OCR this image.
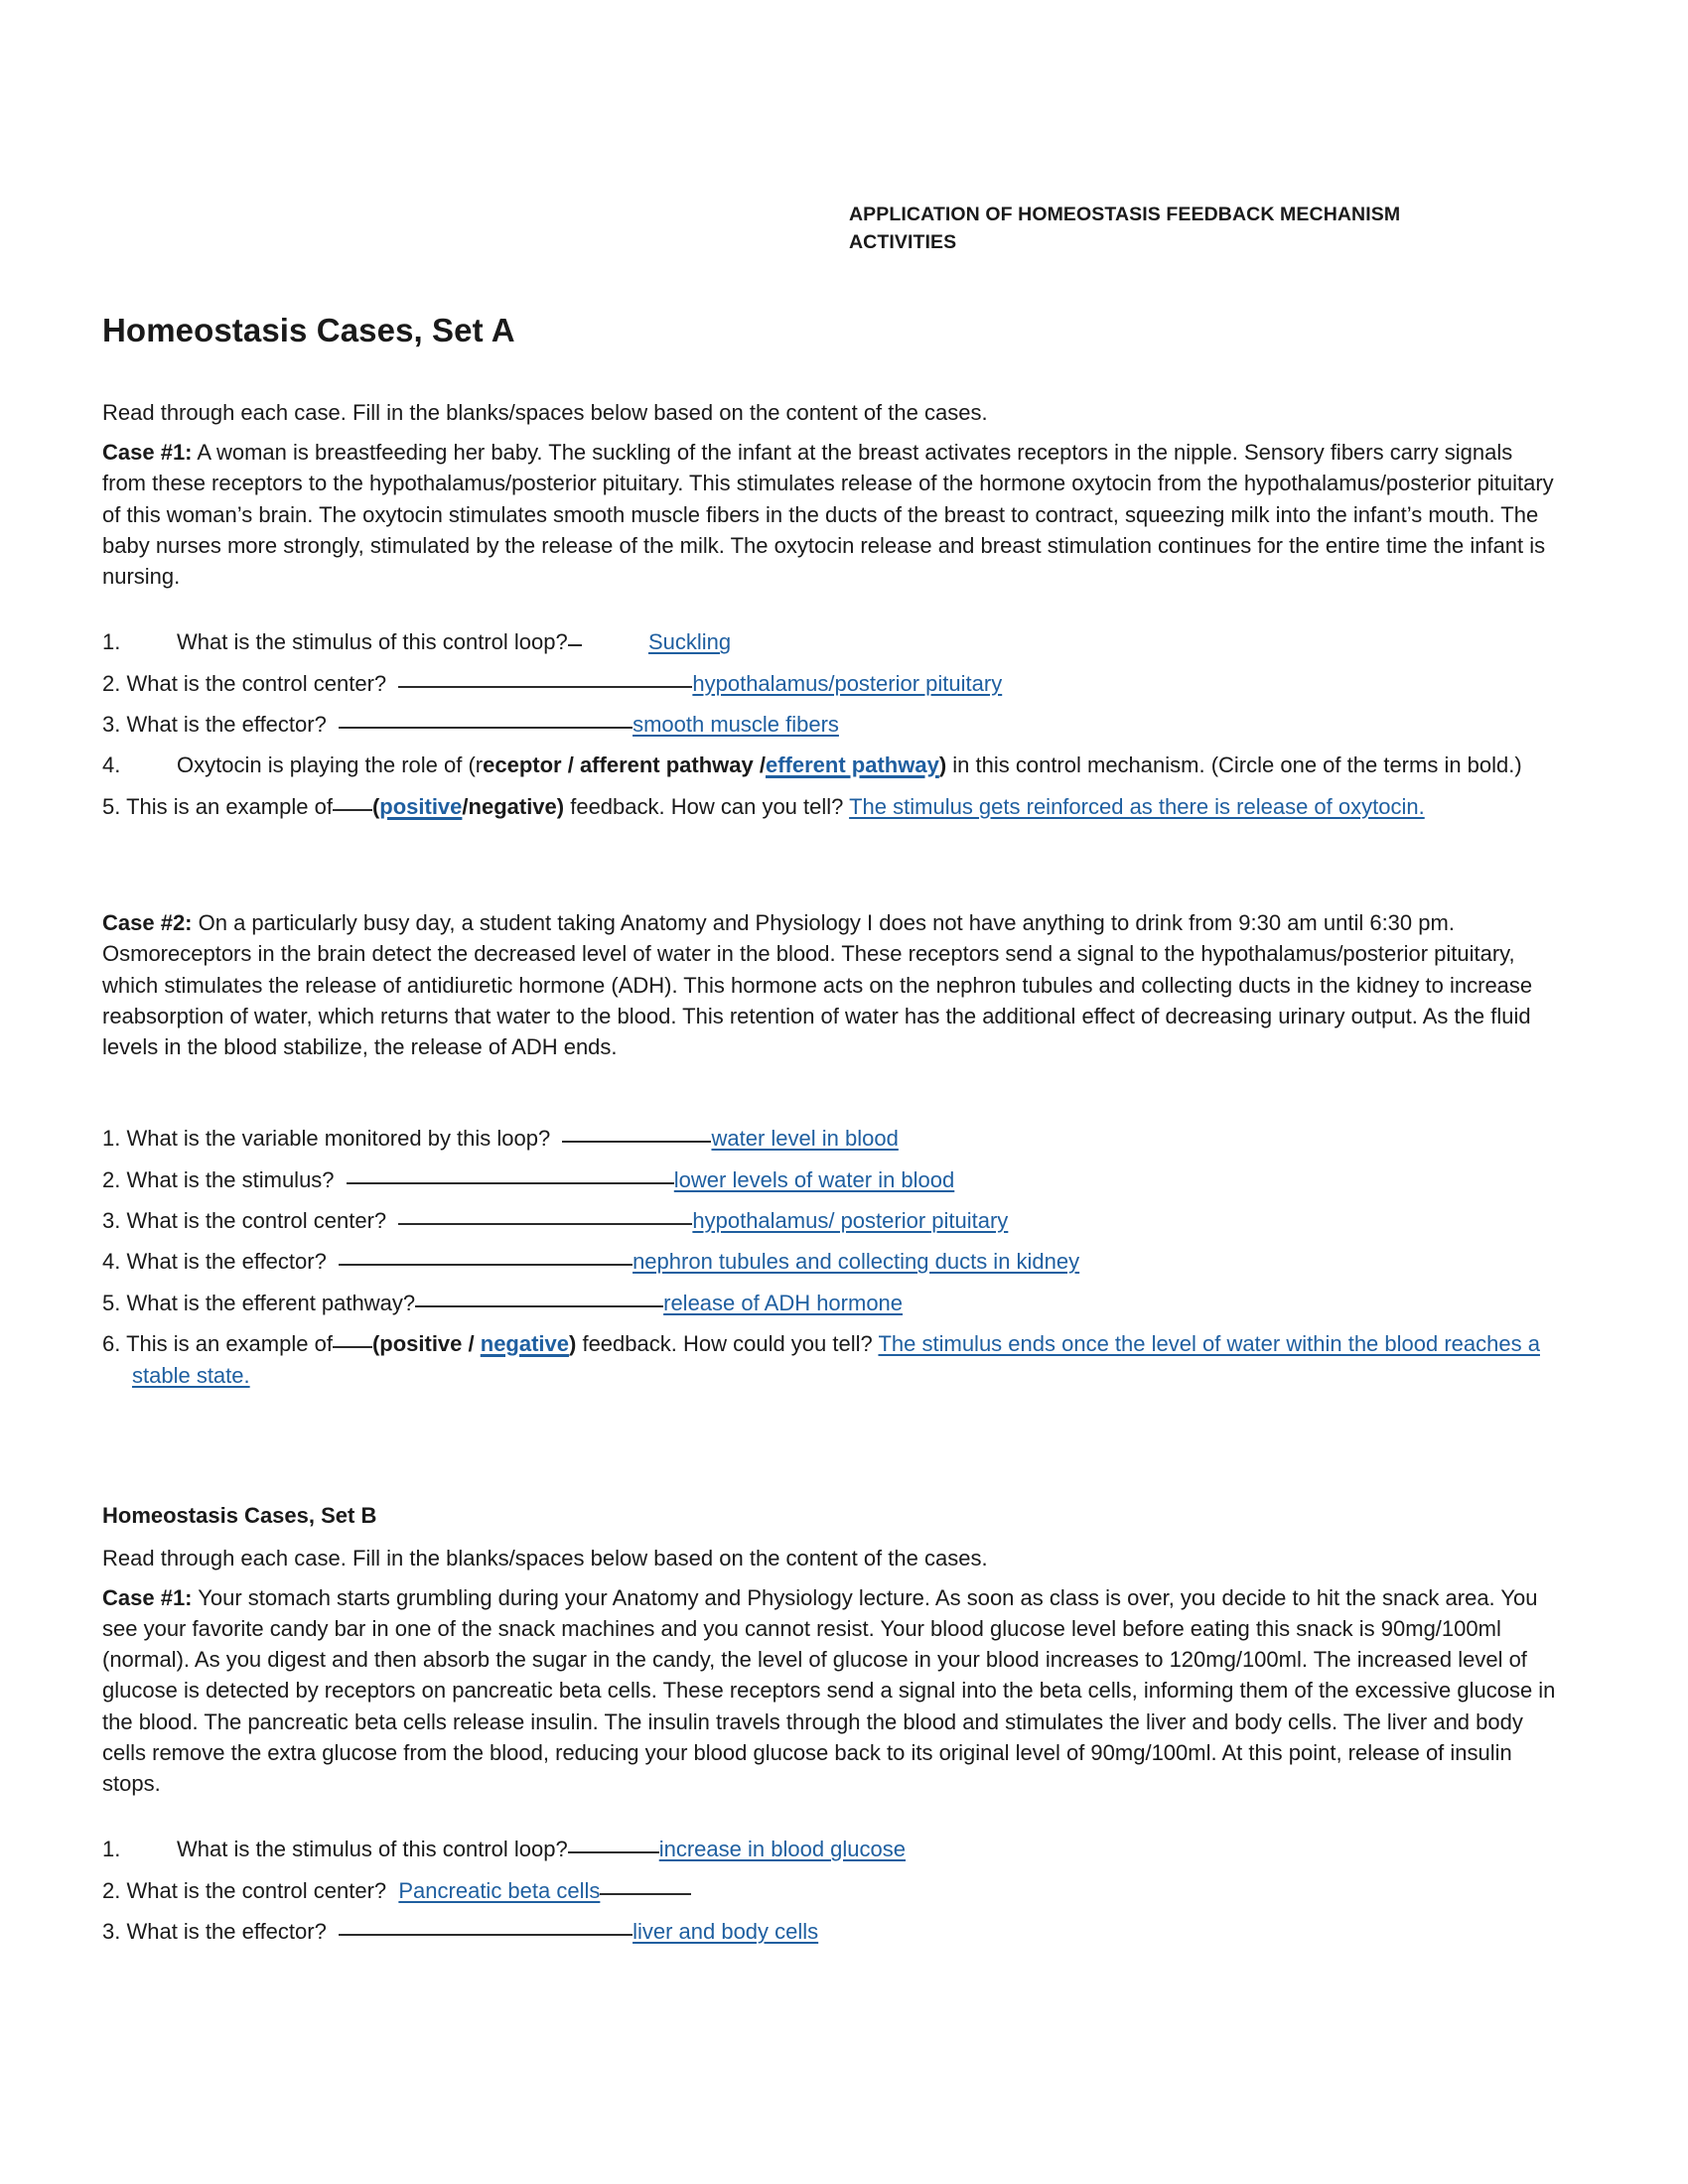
APPLICATION OF HOMEOSTASIS FEEDBACK MECHANISM
ACTIVITIES
Homeostasis Cases, Set A

Read through each case. Fill in the blanks/spaces below based on the content of the cases.

Case #1: A woman is breastfeeding her baby. The suckling of the infant at the breast activates receptors in the nipple. Sensory fibers carry signals from these receptors to the hypothalamus/posterior pituitary. This stimulates release of the hormone oxytocin from the hypothalamus/posterior pituitary of this woman’s brain. The oxytocin stimulates smooth muscle fibers in the ducts of the breast to contract, squeezing milk into the infant’s mouth. The baby nurses more strongly, stimulated by the release of the milk. The oxytocin release and breast stimulation continues for the entire time the infant is nursing.

1.	What is the stimulus of this control loop?	Suckling

2. What is the control center?	hypothalamus/posterior pituitary

3. What is the effector?	smooth muscle fibers

4.	Oxytocin is playing the role of (receptor / afferent pathway /efferent pathway) in this control mechanism. (Circle one of the terms in bold.)

5. This is an example of (positive/negative) feedback. How can you tell? The stimulus gets reinforced as there is release of oxytocin.

Case #2: On a particularly busy day, a student taking Anatomy and Physiology I does not have anything to drink from 9:30 am until 6:30 pm. Osmoreceptors in the brain detect the decreased level of water in the blood. These receptors send a signal to the hypothalamus/posterior pituitary, which stimulates the release of antidiuretic hormone (ADH). This hormone acts on the nephron tubules and collecting ducts in the kidney to increase reabsorption of water, which returns that water to the blood. This retention of water has the additional effect of decreasing urinary output. As the fluid levels in the blood stabilize, the release of ADH ends.

1. What is the variable monitored by this loop?	water level in blood

2. What is the stimulus?	lower levels of water in blood

3. What is the control center?	hypothalamus/ posterior pituitary

4. What is the effector?	nephron tubules and collecting ducts in kidney

5. What is the efferent pathway?	release of ADH hormone

6. This is an example of (positive / negative) feedback. How could you tell? The stimulus ends once the level of water within the blood reaches a stable state.

Homeostasis Cases, Set B

Read through each case. Fill in the blanks/spaces below based on the content of the cases.

Case #1: Your stomach starts grumbling during your Anatomy and Physiology lecture. As soon as class is over, you decide to hit the snack area. You see your favorite candy bar in one of the snack machines and you cannot resist. Your blood glucose level before eating this snack is 90mg/100ml (normal). As you digest and then absorb the sugar in the candy, the level of glucose in your blood increases to 120mg/100ml. The increased level of glucose is detected by receptors on pancreatic beta cells. These receptors send a signal into the beta cells, informing them of the excessive glucose in the blood. The pancreatic beta cells release insulin. The insulin travels through the blood and stimulates the liver and body cells. The liver and body cells remove the extra glucose from the blood, reducing your blood glucose back to its original level of 90mg/100ml. At this point, release of insulin stops.

1.	What is the stimulus of this control loop?	increase in blood glucose

2. What is the control center? Pancreatic beta cells

3. What is the effector?	liver and body cells
